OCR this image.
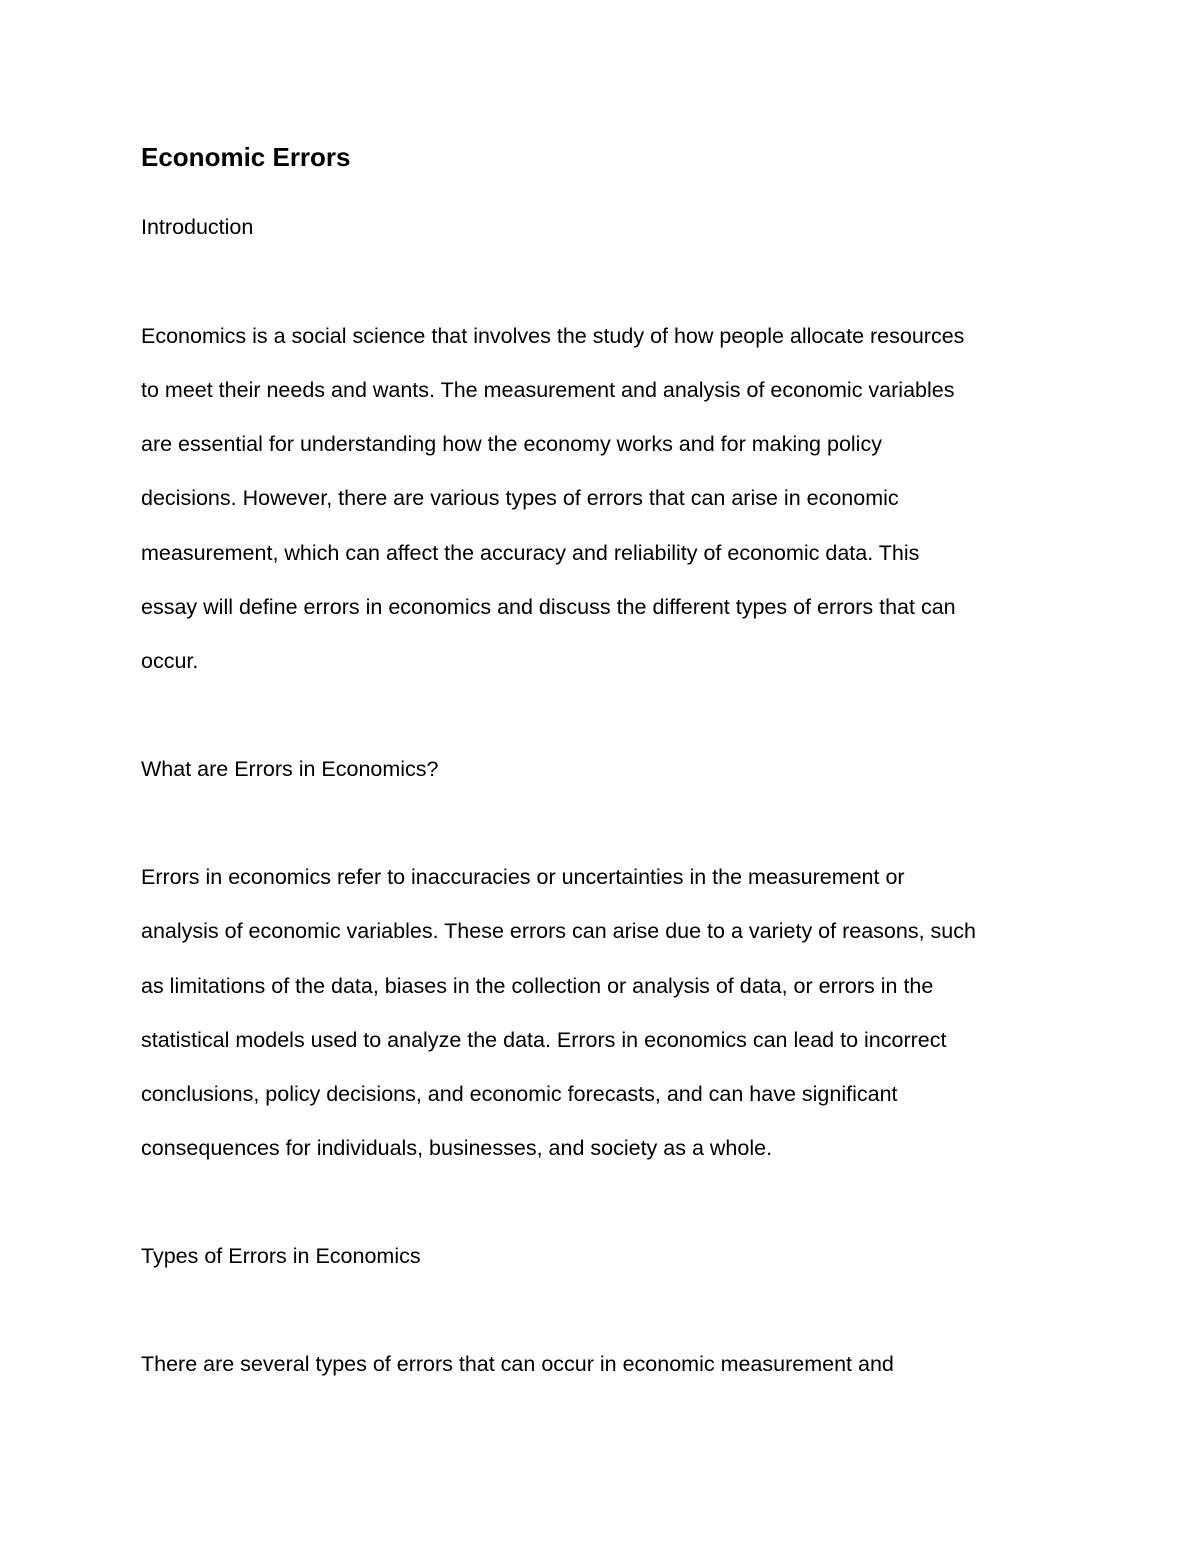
Economic Errors

Introduction

Economics is a social science that involves the study of how people allocate resources

to meet their needs and wants. The measurement and analysis of economic variables

are essential for understanding how the economy works and for making policy

decisions. However, there are various types of errors that can arise in economic

measurement, which can affect the accuracy and reliability of economic data. This

essay will define errors in economics and discuss the different types of errors that can

occur.

What are Errors in Economics?

Errors in economics refer to inaccuracies or uncertainties in the measurement or

analysis of economic variables. These errors can arise due to a variety of reasons, such

as limitations of the data, biases in the collection or analysis of data, or errors in the

statistical models used to analyze the data. Errors in economics can lead to incorrect

conclusions, policy decisions, and economic forecasts, and can have significant

consequences for individuals, businesses, and society as a whole.

Types of Errors in Economics

There are several types of errors that can occur in economic measurement and
